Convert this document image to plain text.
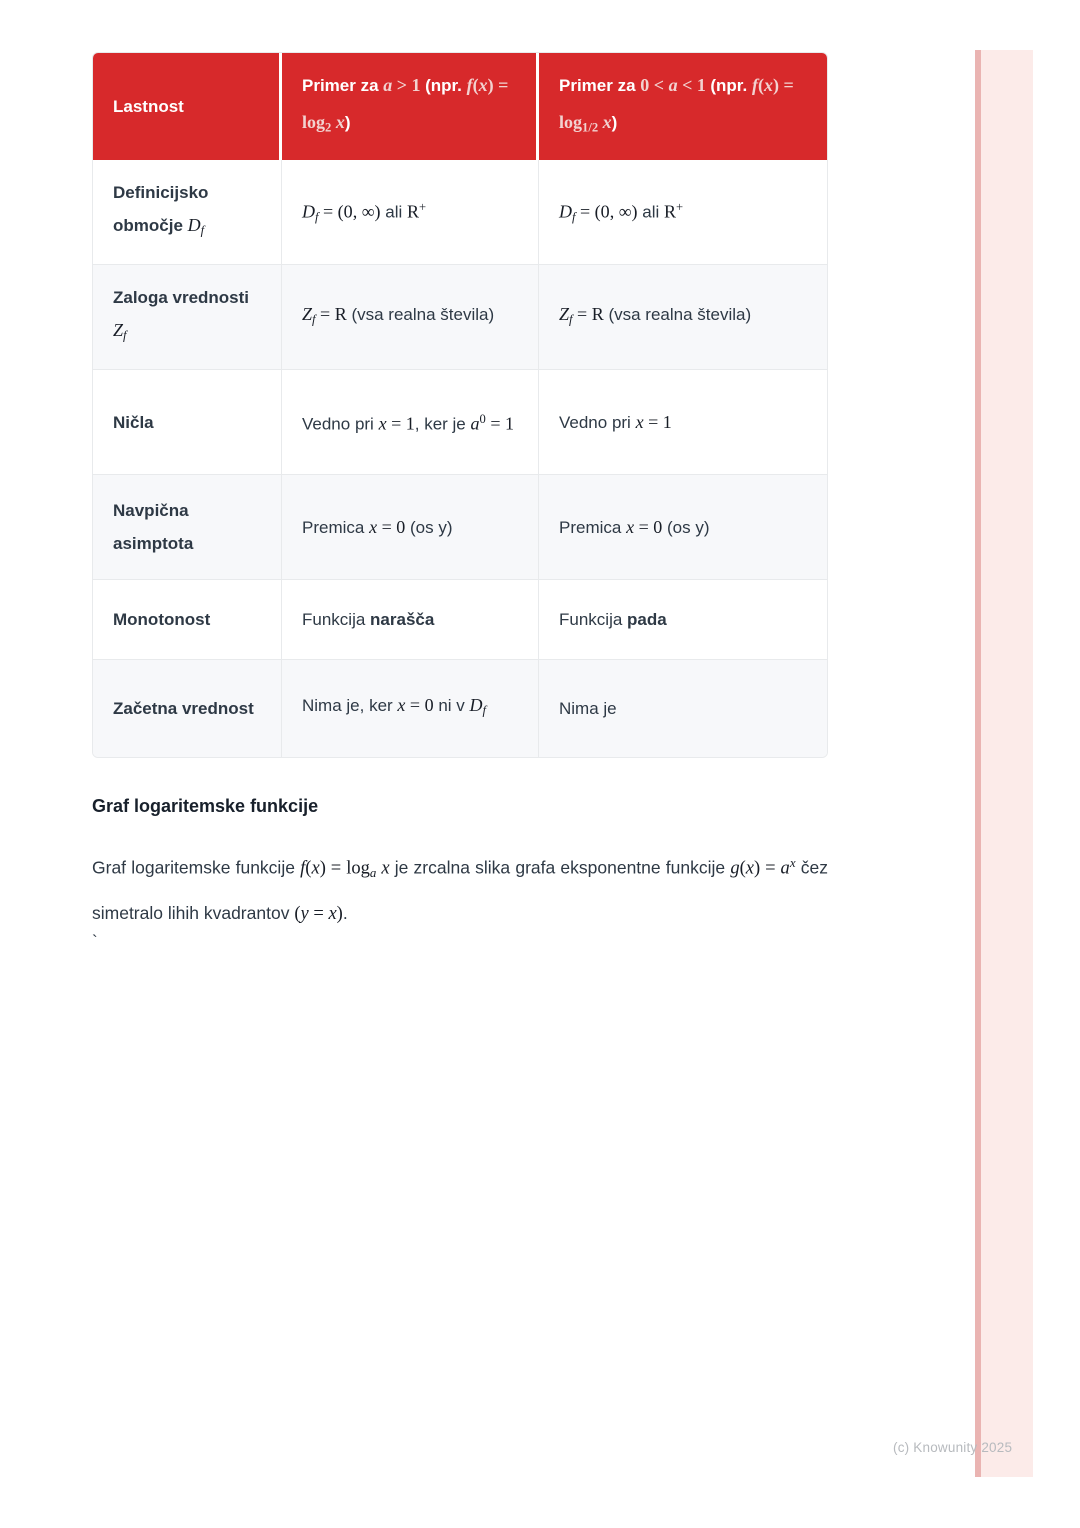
Lastnost	Primer za a > 1 (npr. $f(x) = \log_2 x$)	Primer za 0 < a < 1 (npr. $f(x) = \log_{1/2} x$)
Definicijsko območje $D_f$	$D_f = (0$, ∞) ali R+	$D_f = (0$, ∞) ali R+
Zaloga vrednosti $Z_f$	$Z_f = R$ (vsa realna števila)	$Z_f = R$ (vsa realna števila)
Ničla	Vedno pri x = 1, ker je $a^0 = 1$	Vedno pri x = 1
Navpična asimptota	Premica x = 0 (os y)	Premica x = 0 (os y)
Monotonost	Funkcija narašča	Funkcija pada
Začetna vrednost	Nima je, ker x = 0 ni v $D_f$	Nima je
Graf logaritemske funkcije

Graf logaritemske funkcije $f(x) = \log_a x$ je zrcalna slika grafa eksponentne funkcije $g(x) = a^x$ čez simetralo lihih kvadrantov (y = x).

`
(c) Knowunity 2025
